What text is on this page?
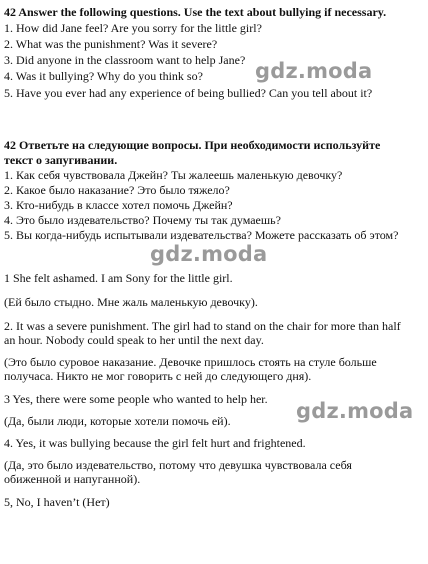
42 Answer the following questions. Use the text about bullying if necessary.
1. How did Jane feel? Are you sorry for the little girl?
2. What was the punishment? Was it severe?
3. Did anyone in the classroom want to help Jane?
4. Was it bullying? Why do you think so?
5. Have you ever had any experience of being bullied? Can you tell about it?
42 Ответьте на следующие вопросы. При необходимости используйте
текст о запугивании.
1. Как себя чувствовала Джейн? Ты жалеешь маленькую девочку?
2. Какое было наказание? Это было тяжело?
3. Кто-нибудь в классе хотел помочь Джейн?
4. Это было издевательство? Почему ты так думаешь?
5. Вы когда-нибудь испытывали издевательства? Можете рассказать об этом?
1 She felt ashamed. I am Sony for the little girl.
(Ей было стыдно. Мне жаль маленькую девочку).
2. It was a severe punishment. The girl had to stand on the chair for more than half
an hour. Nobody could speak to her until the next day.
(Это было суровое наказание. Девочке пришлось стоять на стуле больше
получаса. Никто не мог говорить с ней до следующего дня).
3 Yes, there were some people who wanted to help her.
(Да, были люди, которые хотели помочь ей).
4. Yes, it was bullying because the girl felt hurt and frightened.
(Да, это было издевательство, потому что девушка чувствовала себя
обиженной и напуганной).
5, No, I haven’t (Нет)
gdz.moda
gdz.moda
gdz.moda
